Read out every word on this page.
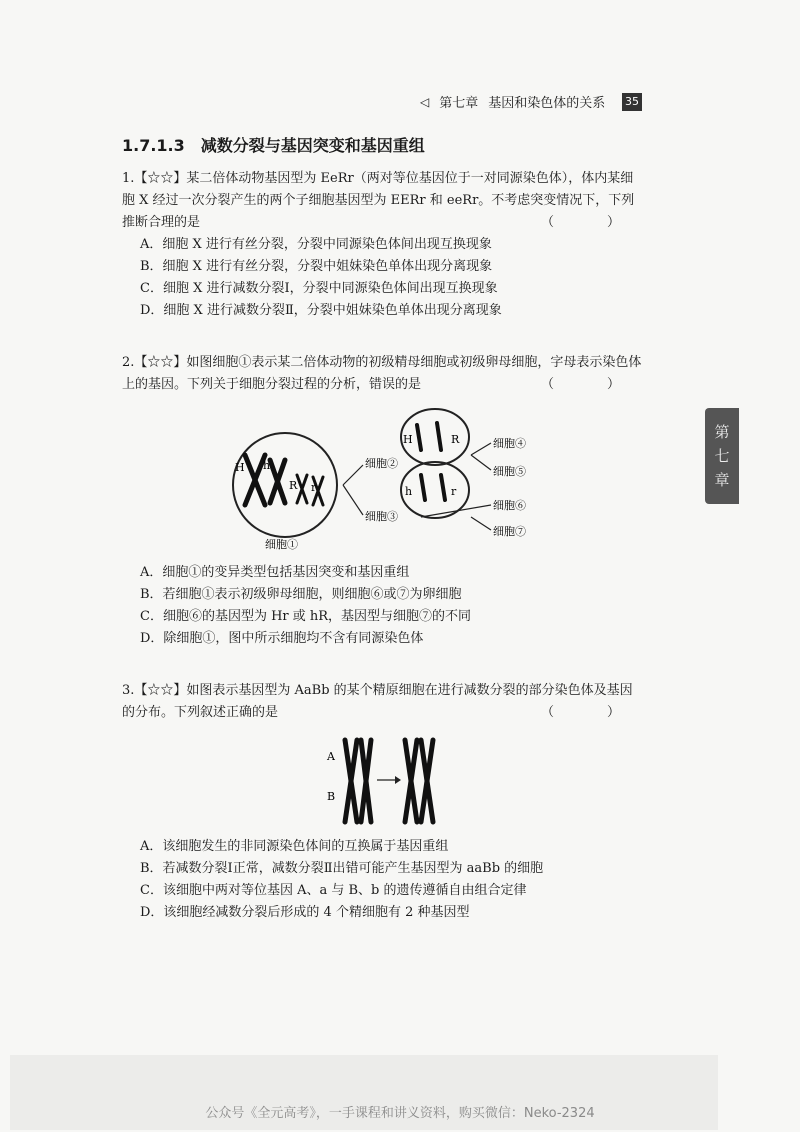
◁ 第七章 基因和染色体的关系 35
1.7.1.3　减数分裂与基因突变和基因重组
1.【☆☆】某二倍体动物基因型为 EeRr（两对等位基因位于一对同源染色体），体内某细胞 X 经过一次分裂产生的两个子细胞基因型为 EERr 和 eeRr。不考虑突变情况下，下列推断合理的是	（　）
A．细胞 X 进行有丝分裂，分裂中同源染色体间出现互换现象
B．细胞 X 进行有丝分裂，分裂中姐妹染色单体出现分离现象
C．细胞 X 进行减数分裂Ⅰ，分裂中同源染色体间出现互换现象
D．细胞 X 进行减数分裂Ⅱ，分裂中姐妹染色单体出现分离现象
2.【☆☆】如图细胞①表示某二倍体动物的初级精母细胞或初级卵母细胞，字母表示染色体上的基因。下列关于细胞分裂过程的分析，错误的是	（　）
H h
R r
细胞①
细胞②
细胞③
H	R
h	r
细胞④
细胞⑤
细胞⑥
细胞⑦
A．细胞①的变异类型包括基因突变和基因重组
B．若细胞①表示初级卵母细胞，则细胞⑥或⑦为卵细胞
C．细胞⑥的基因型为 Hr 或 hR，基因型与细胞⑦的不同
D．除细胞①，图中所示细胞均不含有同源染色体
3.【☆☆】如图表示基因型为 AaBb 的某个精原细胞在进行减数分裂的部分染色体及基因的分布。下列叙述正确的是	（　）
A
B
A．该细胞发生的非同源染色体间的互换属于基因重组
B．若减数分裂Ⅰ正常，减数分裂Ⅱ出错可能产生基因型为 aaBb 的细胞
C．该细胞中两对等位基因 A、a 与 B、b 的遗传遵循自由组合定律
D．该细胞经减数分裂后形成的 4 个精细胞有 2 种基因型
第
七
章
公众号《全元高考》，一手课程和讲义资料，购买微信：Neko-2324
